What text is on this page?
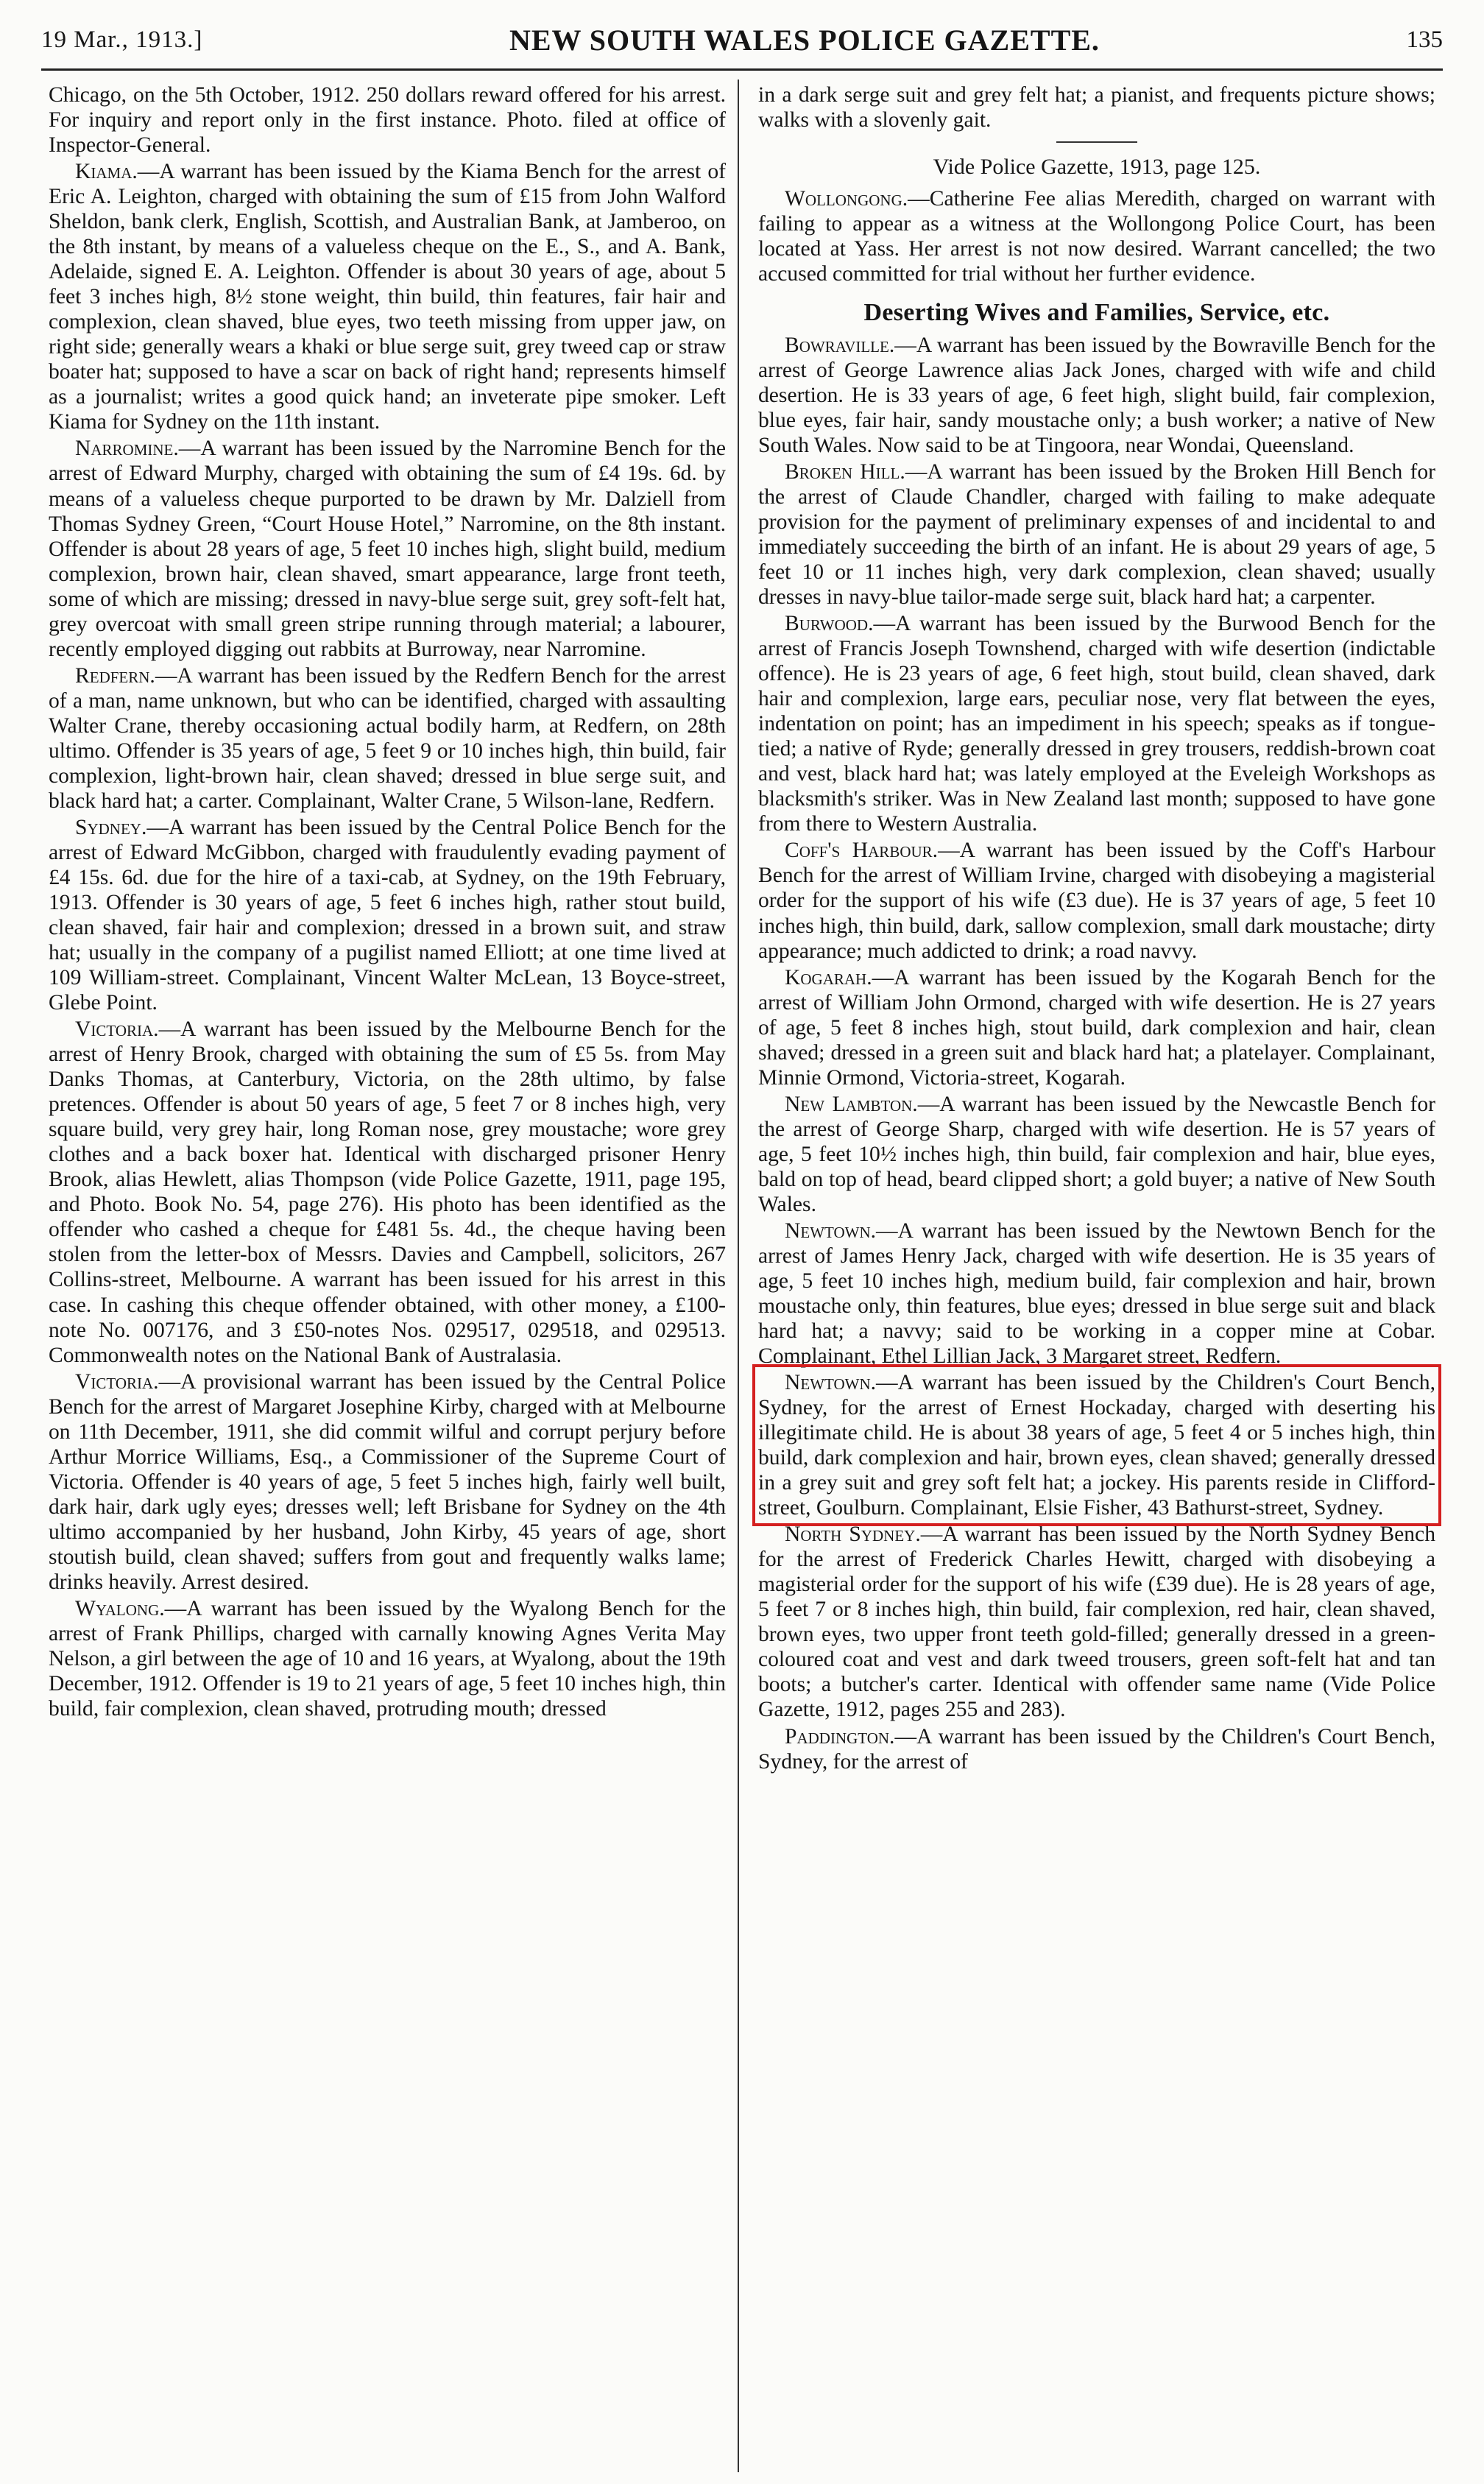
19 Mar., 1913.]	NEW SOUTH WALES POLICE GAZETTE.	135

Chicago, on the 5th October, 1912. 250 dollars reward offered for his arrest. For inquiry and report only in the first instance. Photo. filed at office of Inspector-General.

Kiama.—A warrant has been issued by the Kiama Bench for the arrest of Eric A. Leighton, charged with obtaining the sum of £15 from John Walford Sheldon, bank clerk, English, Scottish, and Australian Bank, at Jamberoo, on the 8th instant, by means of a valueless cheque on the E., S., and A. Bank, Adelaide, signed E. A. Leighton. Offender is about 30 years of age, about 5 feet 3 inches high, 8½ stone weight, thin build, thin features, fair hair and complexion, clean shaved, blue eyes, two teeth missing from upper jaw, on right side; generally wears a khaki or blue serge suit, grey tweed cap or straw boater hat; supposed to have a scar on back of right hand; represents himself as a journalist; writes a good quick hand; an inveterate pipe smoker. Left Kiama for Sydney on the 11th instant.

Narromine.—A warrant has been issued by the Narromine Bench for the arrest of Edward Murphy, charged with obtaining the sum of £4 19s. 6d. by means of a valueless cheque purported to be drawn by Mr. Dalziell from Thomas Sydney Green, “Court House Hotel,” Narromine, on the 8th instant. Offender is about 28 years of age, 5 feet 10 inches high, slight build, medium complexion, brown hair, clean shaved, smart appearance, large front teeth, some of which are missing; dressed in navy-blue serge suit, grey soft-felt hat, grey overcoat with small green stripe running through material; a labourer, recently employed digging out rabbits at Burroway, near Narromine.

Redfern.—A warrant has been issued by the Redfern Bench for the arrest of a man, name unknown, but who can be identified, charged with assaulting Walter Crane, thereby occasioning actual bodily harm, at Redfern, on 28th ultimo. Offender is 35 years of age, 5 feet 9 or 10 inches high, thin build, fair complexion, light-brown hair, clean shaved; dressed in blue serge suit, and black hard hat; a carter. Complainant, Walter Crane, 5 Wilson-lane, Redfern.

Sydney.—A warrant has been issued by the Central Police Bench for the arrest of Edward McGibbon, charged with fraudulently evading payment of £4 15s. 6d. due for the hire of a taxi-cab, at Sydney, on the 19th February, 1913. Offender is 30 years of age, 5 feet 6 inches high, rather stout build, clean shaved, fair hair and complexion; dressed in a brown suit, and straw hat; usually in the company of a pugilist named Elliott; at one time lived at 109 William-street. Complainant, Vincent Walter McLean, 13 Boyce-street, Glebe Point.

Victoria.—A warrant has been issued by the Melbourne Bench for the arrest of Henry Brook, charged with obtaining the sum of £5 5s. from May Danks Thomas, at Canterbury, Victoria, on the 28th ultimo, by false pretences. Offender is about 50 years of age, 5 feet 7 or 8 inches high, very square build, very grey hair, long Roman nose, grey moustache; wore grey clothes and a back boxer hat. Identical with discharged prisoner Henry Brook, alias Hewlett, alias Thompson (vide Police Gazette, 1911, page 195, and Photo. Book No. 54, page 276). His photo has been identified as the offender who cashed a cheque for £481 5s. 4d., the cheque having been stolen from the letter-box of Messrs. Davies and Campbell, solicitors, 267 Collins-street, Melbourne. A warrant has been issued for his arrest in this case. In cashing this cheque offender obtained, with other money, a £100-note No. 007176, and 3 £50-notes Nos. 029517, 029518, and 029513. Commonwealth notes on the National Bank of Australasia.

Victoria.—A provisional warrant has been issued by the Central Police Bench for the arrest of Margaret Josephine Kirby, charged with at Melbourne on 11th December, 1911, she did commit wilful and corrupt perjury before Arthur Morrice Williams, Esq., a Commissioner of the Supreme Court of Victoria. Offender is 40 years of age, 5 feet 5 inches high, fairly well built, dark hair, dark ugly eyes; dresses well; left Brisbane for Sydney on the 4th ultimo accompanied by her husband, John Kirby, 45 years of age, short stoutish build, clean shaved; suffers from gout and frequently walks lame; drinks heavily. Arrest desired.

Wyalong.—A warrant has been issued by the Wyalong Bench for the arrest of Frank Phillips, charged with carnally knowing Agnes Verita May Nelson, a girl between the age of 10 and 16 years, at Wyalong, about the 19th December, 1912. Offender is 19 to 21 years of age, 5 feet 10 inches high, thin build, fair complexion, clean shaved, protruding mouth; dressed

in a dark serge suit and grey felt hat; a pianist, and frequents picture shows; walks with a slovenly gait.

Vide Police Gazette, 1913, page 125.

Wollongong.—Catherine Fee alias Meredith, charged on warrant with failing to appear as a witness at the Wollongong Police Court, has been located at Yass. Her arrest is not now desired. Warrant cancelled; the two accused committed for trial without her further evidence.

Deserting Wives and Families, Service, etc.

Bowraville.—A warrant has been issued by the Bowraville Bench for the arrest of George Lawrence alias Jack Jones, charged with wife and child desertion. He is 33 years of age, 6 feet high, slight build, fair complexion, blue eyes, fair hair, sandy moustache only; a bush worker; a native of New South Wales. Now said to be at Tingoora, near Wondai, Queensland.

Broken Hill.—A warrant has been issued by the Broken Hill Bench for the arrest of Claude Chandler, charged with failing to make adequate provision for the payment of preliminary expenses of and incidental to and immediately succeeding the birth of an infant. He is about 29 years of age, 5 feet 10 or 11 inches high, very dark complexion, clean shaved; usually dresses in navy-blue tailor-made serge suit, black hard hat; a carpenter.

Burwood.—A warrant has been issued by the Burwood Bench for the arrest of Francis Joseph Townshend, charged with wife desertion (indictable offence). He is 23 years of age, 6 feet high, stout build, clean shaved, dark hair and complexion, large ears, peculiar nose, very flat between the eyes, indentation on point; has an impediment in his speech; speaks as if tongue-tied; a native of Ryde; generally dressed in grey trousers, reddish-brown coat and vest, black hard hat; was lately employed at the Eveleigh Workshops as blacksmith's striker. Was in New Zealand last month; supposed to have gone from there to Western Australia.

Coff's Harbour.—A warrant has been issued by the Coff's Harbour Bench for the arrest of William Irvine, charged with disobeying a magisterial order for the support of his wife (£3 due). He is 37 years of age, 5 feet 10 inches high, thin build, dark, sallow complexion, small dark moustache; dirty appearance; much addicted to drink; a road navvy.

Kogarah.—A warrant has been issued by the Kogarah Bench for the arrest of William John Ormond, charged with wife desertion. He is 27 years of age, 5 feet 8 inches high, stout build, dark complexion and hair, clean shaved; dressed in a green suit and black hard hat; a platelayer. Complainant, Minnie Ormond, Victoria-street, Kogarah.

New Lambton.—A warrant has been issued by the Newcastle Bench for the arrest of George Sharp, charged with wife desertion. He is 57 years of age, 5 feet 10½ inches high, thin build, fair complexion and hair, blue eyes, bald on top of head, beard clipped short; a gold buyer; a native of New South Wales.

Newtown.—A warrant has been issued by the Newtown Bench for the arrest of James Henry Jack, charged with wife desertion. He is 35 years of age, 5 feet 10 inches high, medium build, fair complexion and hair, brown moustache only, thin features, blue eyes; dressed in blue serge suit and black hard hat; a navvy; said to be working in a copper mine at Cobar. Complainant, Ethel Lillian Jack, 3 Margaret street, Redfern.

Newtown.—A warrant has been issued by the Children's Court Bench, Sydney, for the arrest of Ernest Hockaday, charged with deserting his illegitimate child. He is about 38 years of age, 5 feet 4 or 5 inches high, thin build, dark complexion and hair, brown eyes, clean shaved; generally dressed in a grey suit and grey soft felt hat; a jockey. His parents reside in Clifford-street, Goulburn. Complainant, Elsie Fisher, 43 Bathurst-street, Sydney.

North Sydney.—A warrant has been issued by the North Sydney Bench for the arrest of Frederick Charles Hewitt, charged with disobeying a magisterial order for the support of his wife (£39 due). He is 28 years of age, 5 feet 7 or 8 inches high, thin build, fair complexion, red hair, clean shaved, brown eyes, two upper front teeth gold-filled; generally dressed in a green-coloured coat and vest and dark tweed trousers, green soft-felt hat and tan boots; a butcher's carter. Identical with offender same name (Vide Police Gazette, 1912, pages 255 and 283).

Paddington.—A warrant has been issued by the Children's Court Bench, Sydney, for the arrest of
